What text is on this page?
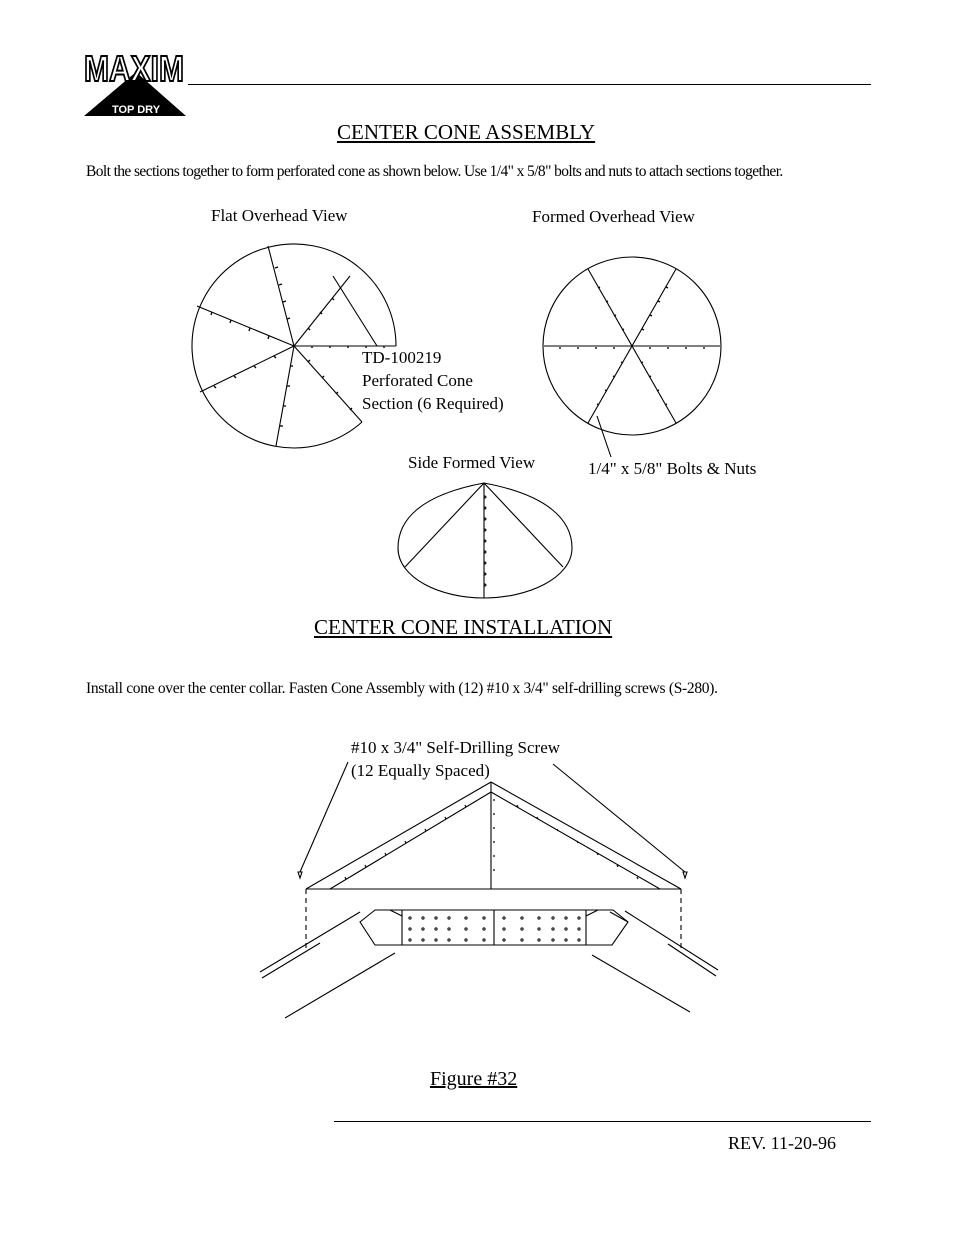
MAXIM
TOP DRY
CENTER CONE ASSEMBLY
Bolt the sections together to form perforated cone as shown below. Use 1/4" x 5/8" bolts and nuts to attach sections together.
Flat Overhead View	Formed Overhead View
TD-100219
Perforated Cone
Section (6 Required)
Side Formed View	1/4" x 5/8" Bolts & Nuts
CENTER CONE INSTALLATION
Install cone over the center collar. Fasten Cone Assembly with (12) #10 x 3/4" self-drilling screws (S-280).
#10 x 3/4" Self-Drilling Screw
(12 Equally Spaced)
Figure #32
REV. 11-20-96
